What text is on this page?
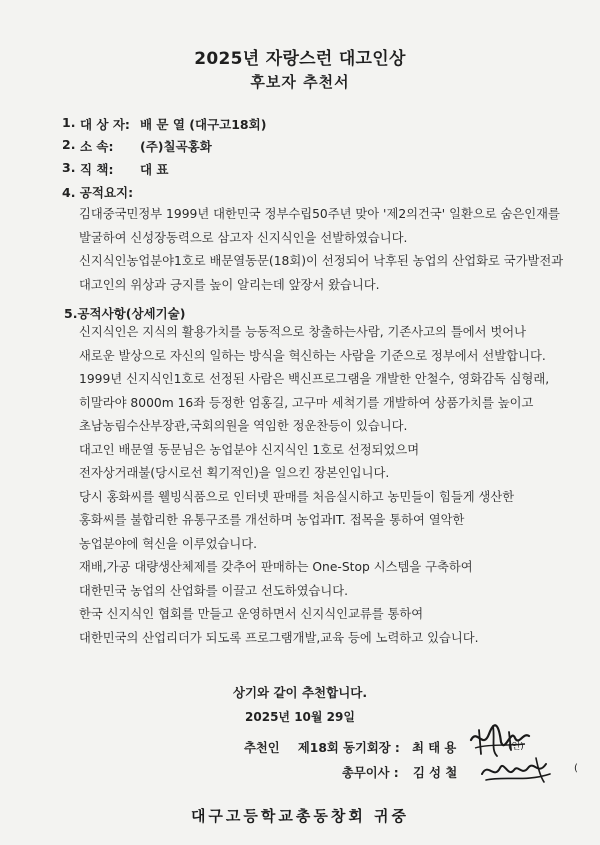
2025년 자랑스런 대고인상
후보자 추천서
1. 대 상 자: 배 문 열 (대구고18회)
2. 소 속:	(주)칠곡홍화
3. 직 책:	대 표
4. 공적요지:
김대중국민정부 1999년 대한민국 정부수립50주년 맞아 '제2의건국' 일환으로 숨은인재를
발굴하여 신성장동력으로 삼고자 신지식인을 선발하였습니다.
신지식인농업분야1호로 배문열동문(18회)이 선정되어 낙후된 농업의 산업화로 국가발전과
대고인의 위상과 긍지를 높이 알리는데 앞장서 왔습니다.
5.공적사항(상세기술)
신지식인은 지식의 활용가치를 능동적으로 창출하는사람, 기존사고의 틀에서 벗어나
새로운 발상으로 자신의 일하는 방식을 혁신하는 사람을 기준으로 정부에서 선발합니다.
1999년 신지식인1호로 선정된 사람은 백신프로그램을 개발한 안철수, 영화감독 심형래,
히말라야 8000m 16좌 등정한 엄홍길, 고구마 세척기를 개발하여 상품가치를 높이고
초남농림수산부장관,국회의원을 역임한 정운찬등이 있습니다.
대고인 배문열 동문님은 농업분야 신지식인 1호로 선정되었으며
전자상거래불(당시로선 획기적인)을 일으킨 장본인입니다.
당시 홍화씨를 웰빙식품으로 인터넷 판매를 처음실시하고 농민들이 힘들게 생산한
홍화씨를 불합리한 유통구조를 개선하며 농업과IT. 접목을 통하여 열악한
농업분야에 혁신을 이루었습니다.
재배,가공 대량생산체제를 갖추어 판매하는 One-Stop 시스템을 구축하여
대한민국 농업의 산업화를 이끌고 선도하였습니다.
한국 신지식인 협회를 만들고 운영하면서 신지식인교류를 통하여
대한민국의 산업리더가 되도록 프로그램개발,교육 등에 노력하고 있습니다.
상기와 같이 추천합니다.
2025년 10월 29일
추천인 제18회 동기회장 : 최 태 용	(인)
총무이사 : 김 성 철	(
대구고등학교총동창회 귀중
